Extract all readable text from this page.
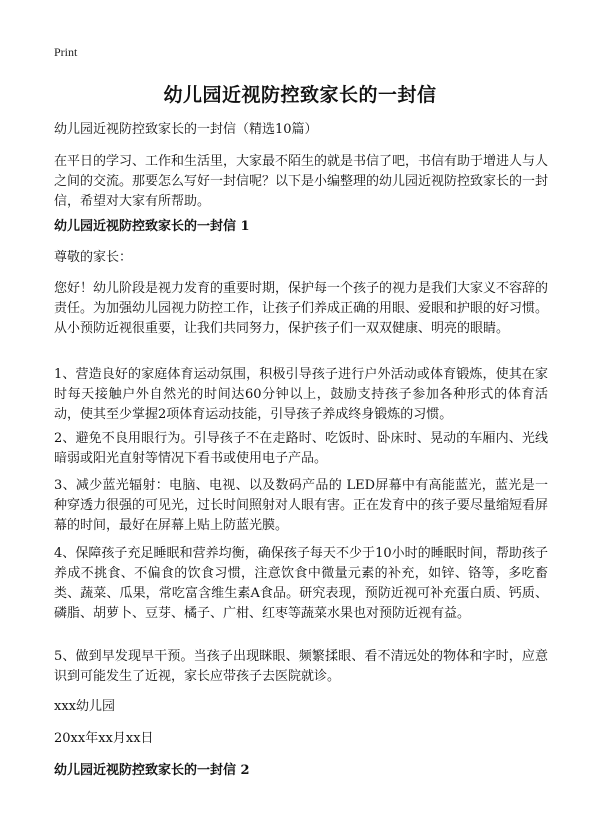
Print
幼儿园近视防控致家长的一封信
幼儿园近视防控致家长的一封信（精选10篇）
在平日的学习、工作和生活里，大家最不陌生的就是书信了吧，书信有助于增进人与人之间的交流。那要怎么写好一封信呢？以下是小编整理的幼儿园近视防控致家长的一封信，希望对大家有所帮助。
幼儿园近视防控致家长的一封信 1
尊敬的家长：
您好！幼儿阶段是视力发育的重要时期，保护每一个孩子的视力是我们大家义不容辞的责任。为加强幼儿园视力防控工作，让孩子们养成正确的用眼、爱眼和护眼的好习惯。从小预防近视很重要，让我们共同努力，保护孩子们一双双健康、明亮的眼睛。
1、营造良好的家庭体育运动氛围，积极引导孩子进行户外活动或体育锻炼，使其在家时每天接触户外自然光的时间达60分钟以上，鼓励支持孩子参加各种形式的体育活动，使其至少掌握2项体育运动技能，引导孩子养成终身锻炼的习惯。
2、避免不良用眼行为。引导孩子不在走路时、吃饭时、卧床时、晃动的车厢内、光线暗弱或阳光直射等情况下看书或使用电子产品。
3、减少蓝光辐射：电脑、电视、以及数码产品的 LED屏幕中有高能蓝光，蓝光是一种穿透力很强的可见光，过长时间照射对人眼有害。正在发育中的孩子要尽量缩短看屏幕的时间，最好在屏幕上贴上防蓝光膜。
4、保障孩子充足睡眠和营养均衡，确保孩子每天不少于10小时的睡眠时间，帮助孩子养成不挑食、不偏食的饮食习惯，注意饮食中微量元素的补充，如锌、铬等，多吃畜类、蔬菜、瓜果，常吃富含维生素A食品。研究表现，预防近视可补充蛋白质、钙质、磷脂、胡萝卜、豆芽、橘子、广柑、红枣等蔬菜水果也对预防近视有益。
5、做到早发现早干预。当孩子出现眯眼、频繁揉眼、看不清远处的物体和字时，应意识到可能发生了近视，家长应带孩子去医院就诊。
xxx幼儿园
20xx年xx月xx日
幼儿园近视防控致家长的一封信 2
